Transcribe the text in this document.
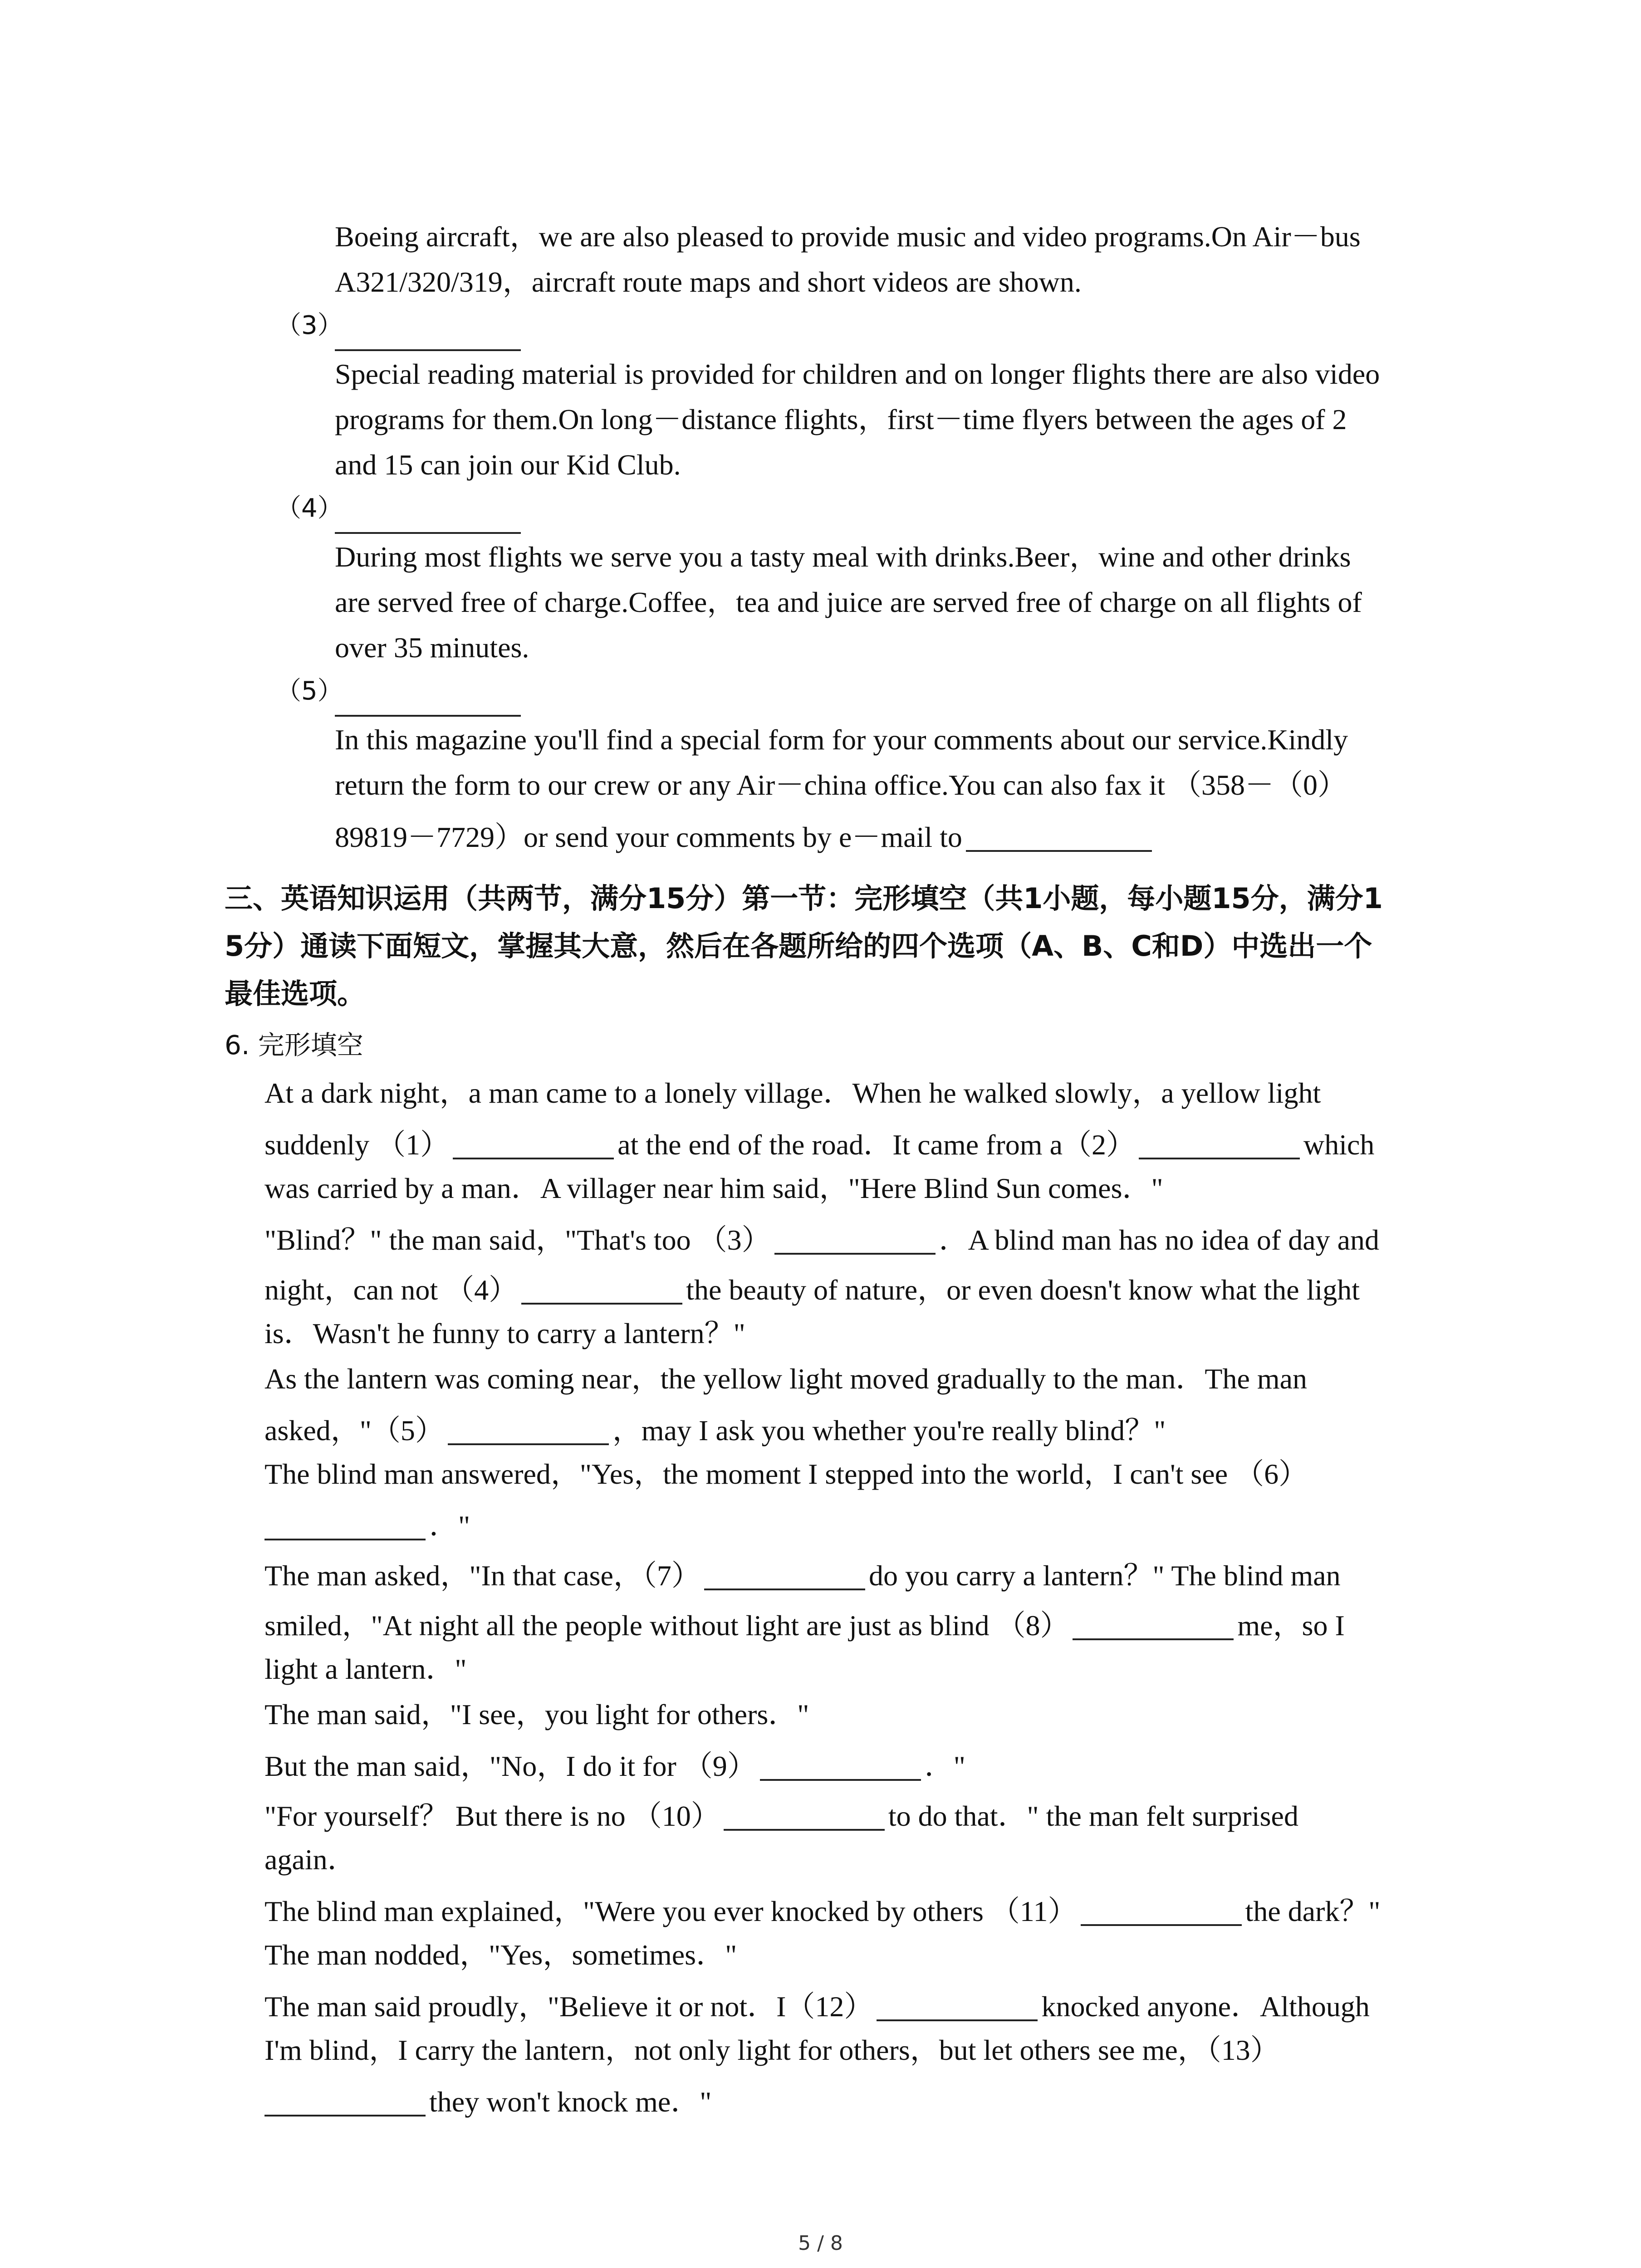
Boeing aircraft，we are also pleased to provide music and video programs.On Air－bus
A321/320/319，aircraft route maps and short videos are shown.
（3）
Special reading material is provided for children and on longer flights there are also video
programs for them.On long－distance flights，first－time flyers between the ages of 2
and 15 can join our Kid Club.
（4）
During most flights we serve you a tasty meal with drinks.Beer，wine and other drinks
are served free of charge.Coffee，tea and juice are served free of charge on all flights of
over 35 minutes.
（5）
In this magazine you'll find a special form for your comments about our service.Kindly
return the form to our crew or any Air－china office.You can also fax it （358－（0）
89819－7729）or send your comments by e－mail to
三、英语知识运用（共两节，满分15分）第一节：完形填空（共1小题，每小题15分，满分1
5分）通读下面短文，掌握其大意，然后在各题所给的四个选项（A、B、C和D）中选出一个
最佳选项。
6. 完形填空
At a dark night，a man came to a lonely village．When he walked slowly，a yellow light
suddenly （1）	at the end of the road．It came from a（2）	which
was carried by a man．A villager near him said，"Here Blind Sun comes．"
"Blind？" the man said，"That's too （3）	．A blind man has no idea of day and
night，can not （4）	the beauty of nature，or even doesn't know what the light
is．Wasn't he funny to carry a lantern？"
As the lantern was coming near，the yellow light moved gradually to the man．The man
asked，"（5）	，may I ask you whether you're really blind？"
The blind man answered，"Yes，the moment I stepped into the world，I can't see （6）
．"
The man asked，"In that case，（7）	do you carry a lantern？" The blind man
smiled，"At night all the people without light are just as blind （8）	me，so I
light a lantern．"
The man said，"I see，you light for others．"
But the man said，"No，I do it for （9）	．"
"For yourself？ But there is no （10）	to do that．" the man felt surprised
again．
The blind man explained，"Were you ever knocked by others （11）	the dark？"
The man nodded，"Yes，sometimes．"
The man said proudly，"Believe it or not．I（12）	knocked anyone．Although
I'm blind，I carry the lantern，not only light for others，but let others see me，（13）
they won't knock me．"
5 / 8
